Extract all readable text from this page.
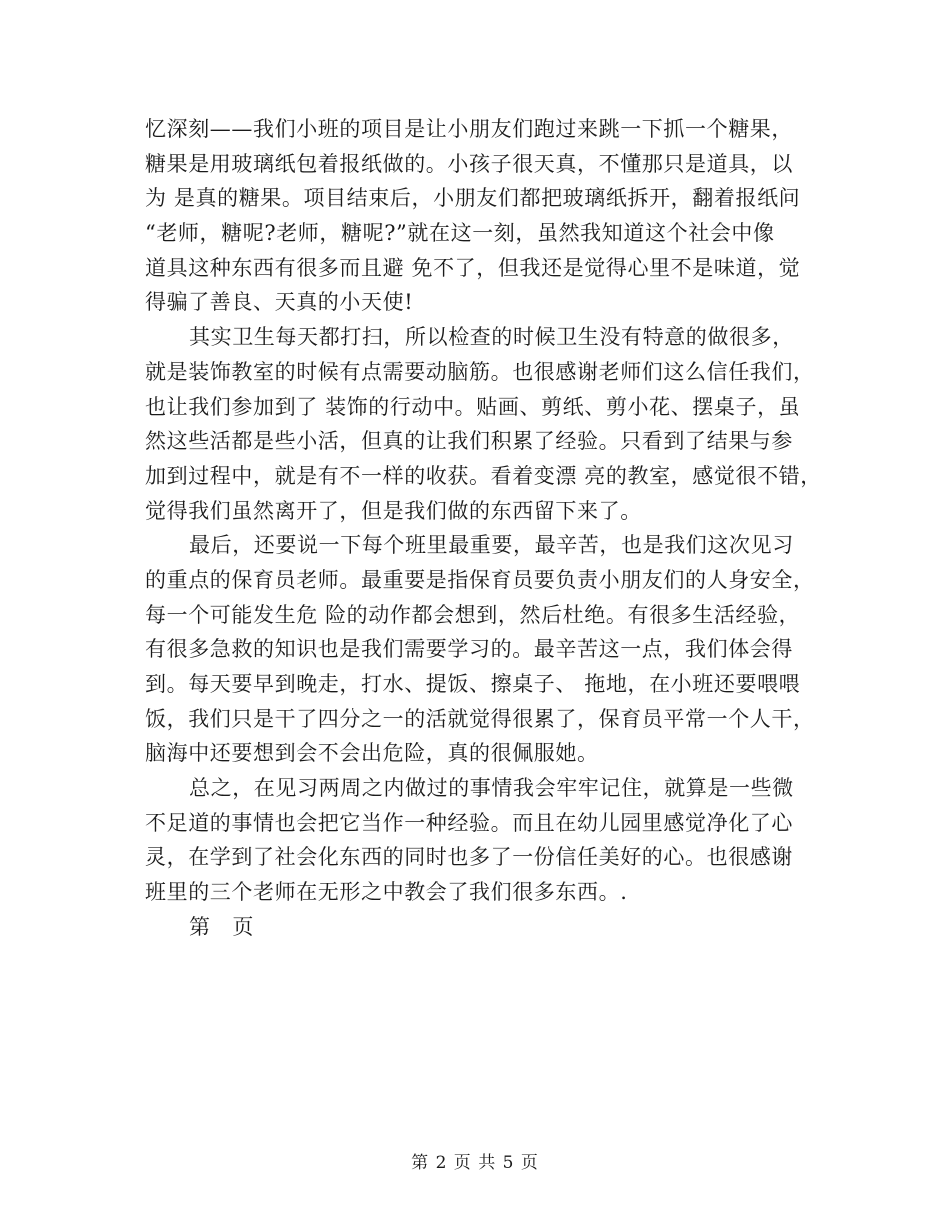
忆深刻——我们小班的项目是让小朋友们跑过来跳一下抓一个糖果，
糖果是用玻璃纸包着报纸做的。小孩子很天真，不懂那只是道具，以
为 是真的糖果。项目结束后，小朋友们都把玻璃纸拆开，翻着报纸问
“老师，糖呢?老师，糖呢?”就在这一刻，虽然我知道这个社会中像
道具这种东西有很多而且避 免不了，但我还是觉得心里不是味道，觉
得骗了善良、天真的小天使!
其实卫生每天都打扫，所以检查的时候卫生没有特意的做很多，
就是装饰教室的时候有点需要动脑筋。也很感谢老师们这么信任我们，
也让我们参加到了 装饰的行动中。贴画、剪纸、剪小花、摆桌子，虽
然这些活都是些小活，但真的让我们积累了经验。只看到了结果与参
加到过程中，就是有不一样的收获。看着变漂 亮的教室，感觉很不错，
觉得我们虽然离开了，但是我们做的东西留下来了。
最后，还要说一下每个班里最重要，最辛苦，也是我们这次见习
的重点的保育员老师。最重要是指保育员要负责小朋友们的人身安全，
每一个可能发生危 险的动作都会想到，然后杜绝。有很多生活经验，
有很多急救的知识也是我们需要学习的。最辛苦这一点，我们体会得
到。每天要早到晚走，打水、提饭、擦桌子、 拖地，在小班还要喂喂
饭，我们只是干了四分之一的活就觉得很累了，保育员平常一个人干，
脑海中还要想到会不会出危险，真的很佩服她。
总之，在见习两周之内做过的事情我会牢牢记住，就算是一些微
不足道的事情也会把它当作一种经验。而且在幼儿园里感觉净化了心
灵，在学到了社会化东西的同时也多了一份信任美好的心。也很感谢
班里的三个老师在无形之中教会了我们很多东西。.
第   页
第 2 页 共 5 页
